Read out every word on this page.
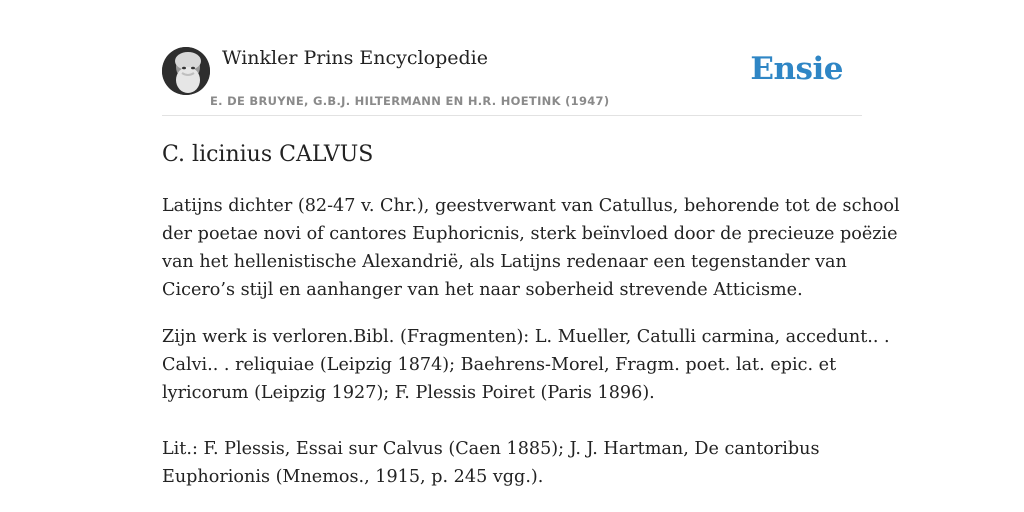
Winkler Prins Encyclopedie
E. DE BRUYNE, G.B.J. HILTERMANN EN H.R. HOETINK (1947)
Ensie
C. licinius CALVUS

Latijns dichter (82-47 v. Chr.), geestverwant van Catullus, behorende tot de school
der poetae novi of cantores Euphoricnis, sterk beïnvloed door de precieuze poëzie
van het hellenistische Alexandrië, als Latijns redenaar een tegenstander van
Cicero’s stijl en aanhanger van het naar soberheid strevende Atticisme.

Zijn werk is verloren.Bibl. (Fragmenten): L. Mueller, Catulli carmina, accedunt.. .
Calvi.. . reliquiae (Leipzig 1874); Baehrens-Morel, Fragm. poet. lat. epic. et
lyricorum (Leipzig 1927); F. Plessis Poiret (Paris 1896).

Lit.: F. Plessis, Essai sur Calvus (Caen 1885); J. J. Hartman, De cantoribus
Euphorionis (Mnemos., 1915, p. 245 vgg.).
